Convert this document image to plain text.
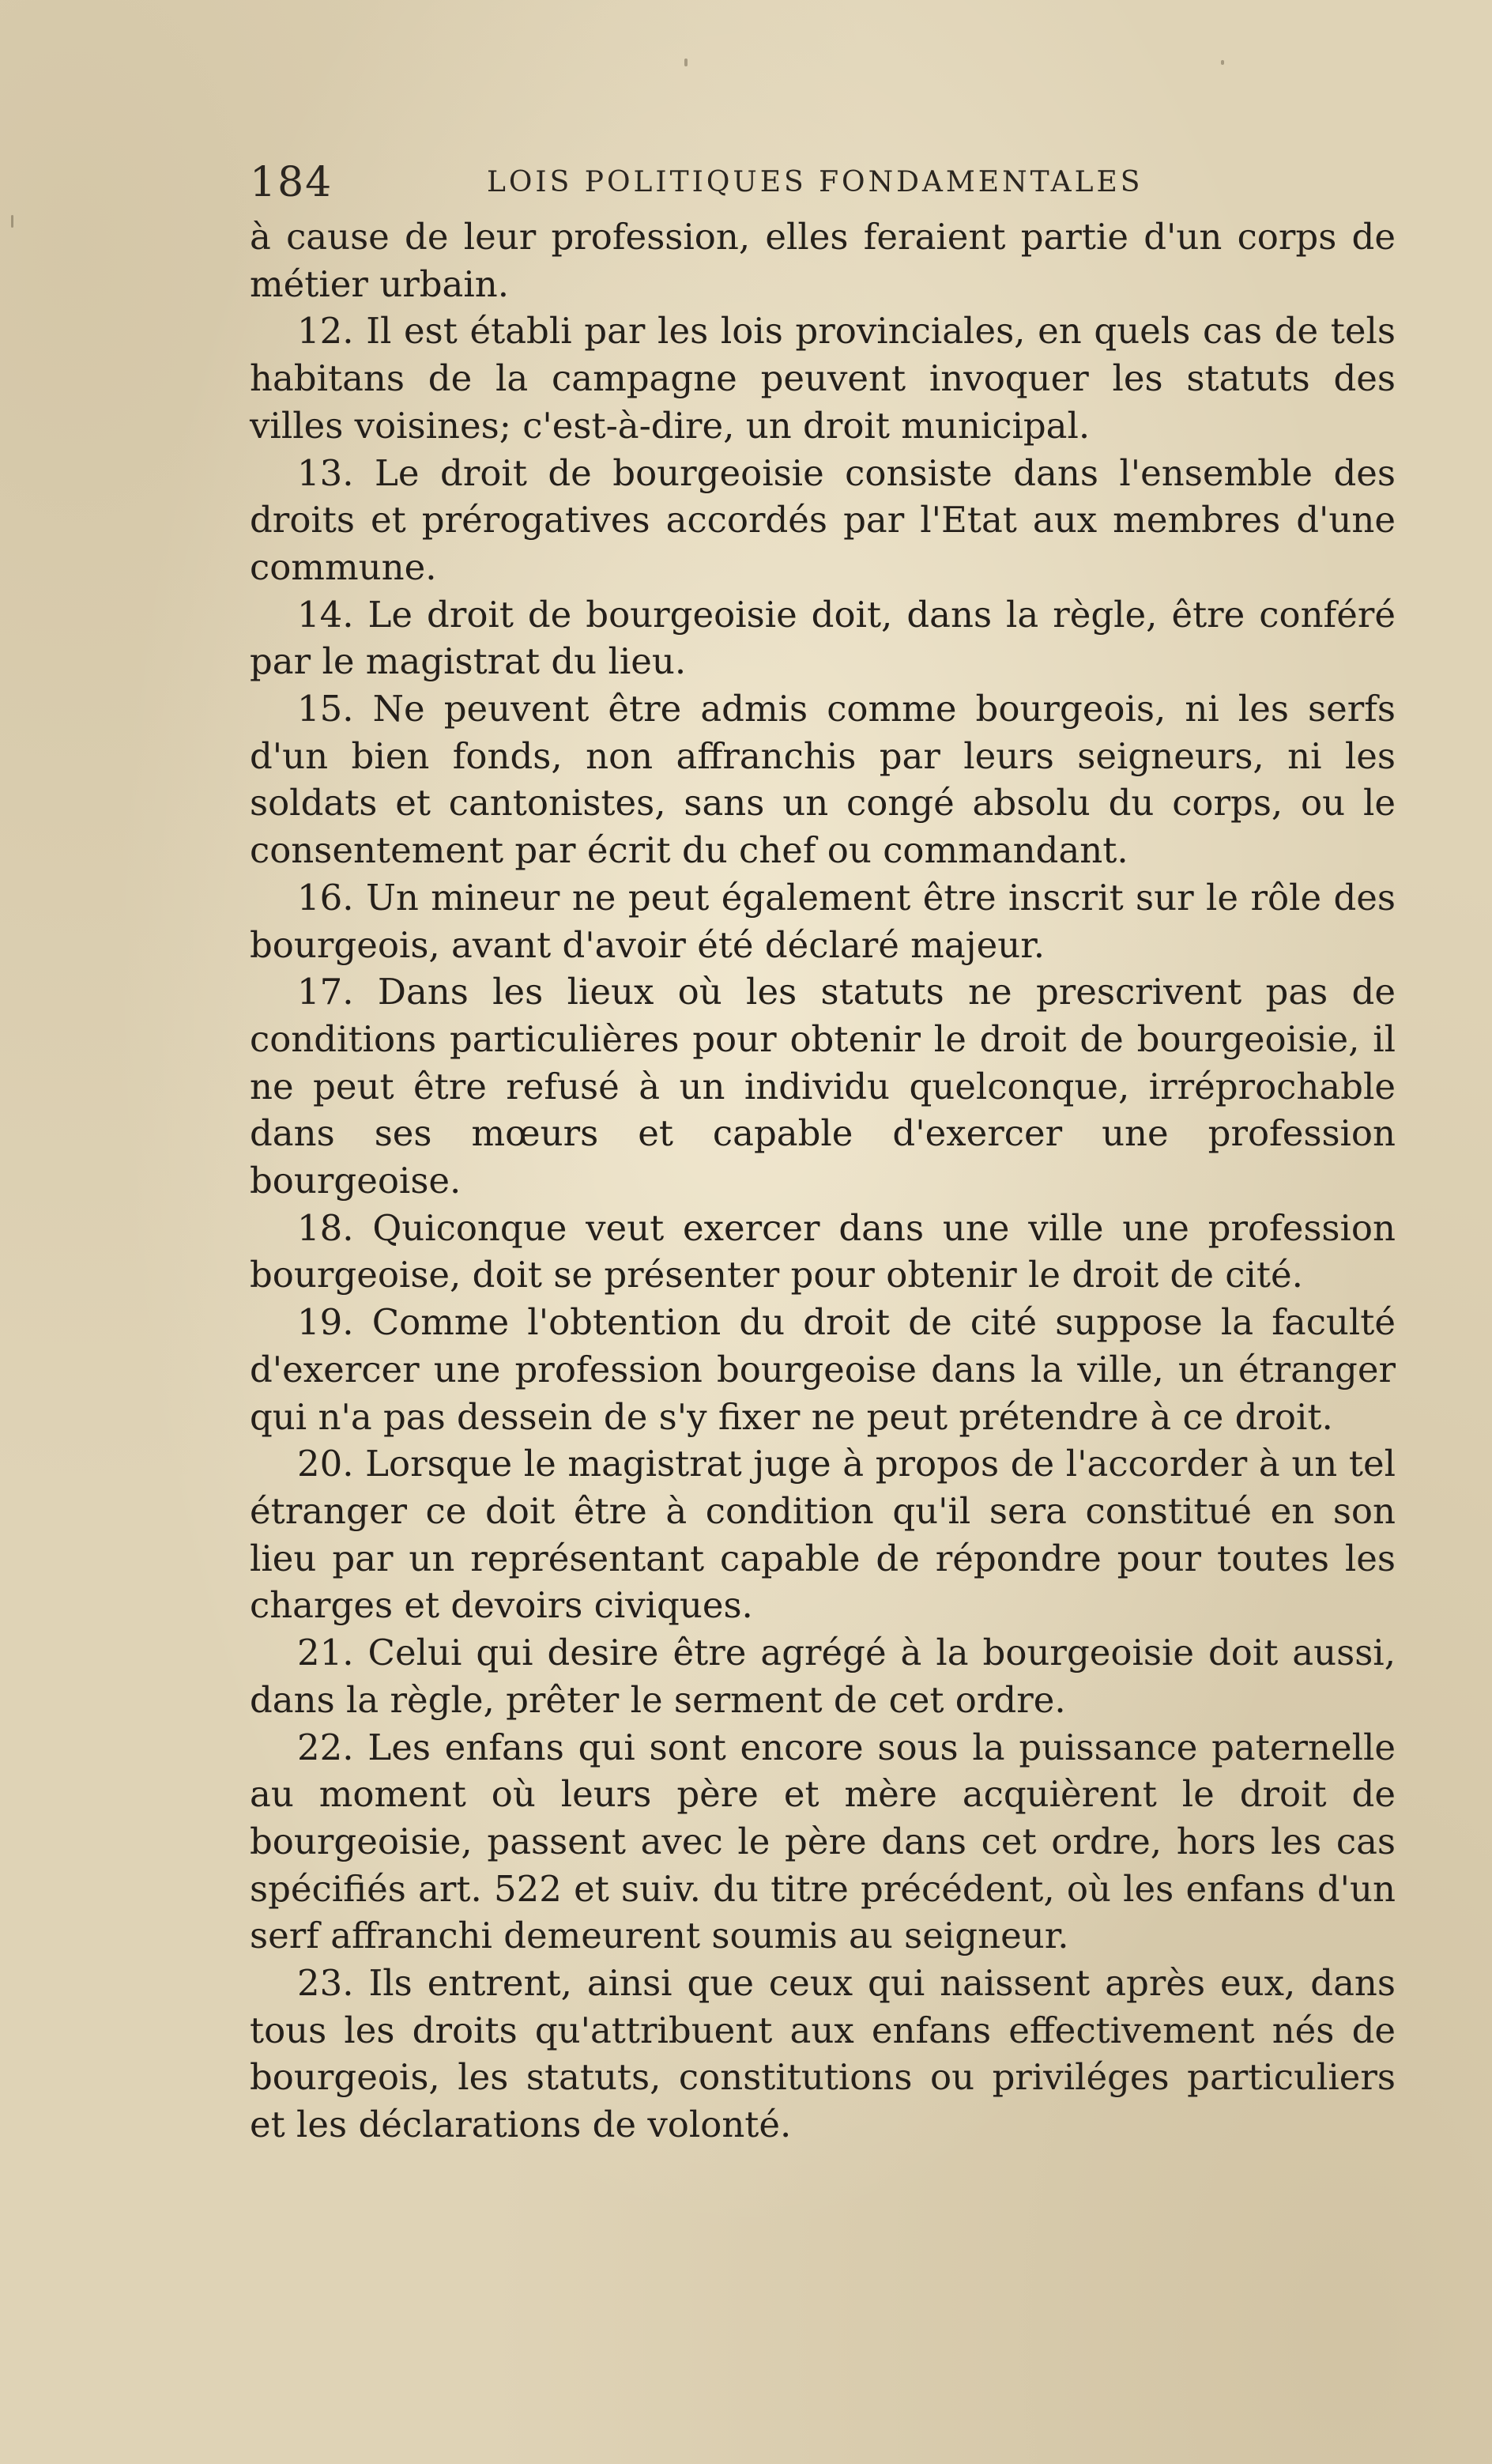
184	LOIS POLITIQUES FONDAMENTALES

à cause de leur profession, elles feraient partie d'un corps de métier urbain.

12. Il est établi par les lois provinciales, en quels cas de tels habitans de la campagne peuvent invoquer les statuts des villes voisines; c'est-à-dire, un droit municipal.

13. Le droit de bourgeoisie consiste dans l'ensemble des droits et prérogatives accordés par l'Etat aux membres d'une commune.

14. Le droit de bourgeoisie doit, dans la règle, être conféré par le magistrat du lieu.

15. Ne peuvent être admis comme bourgeois, ni les serfs d'un bien fonds, non affranchis par leurs seigneurs, ni les soldats et cantonistes, sans un congé absolu du corps, ou le consentement par écrit du chef ou commandant.

16. Un mineur ne peut également être inscrit sur le rôle des bourgeois, avant d'avoir été déclaré majeur.

17. Dans les lieux où les statuts ne prescrivent pas de conditions particulières pour obtenir le droit de bourgeoisie, il ne peut être refusé à un individu quelconque, irréprochable dans ses mœurs et capable d'exercer une profession bourgeoise.

18. Quiconque veut exercer dans une ville une profession bourgeoise, doit se présenter pour obtenir le droit de cité.

19. Comme l'obtention du droit de cité suppose la faculté d'exercer une profession bourgeoise dans la ville, un étranger qui n'a pas dessein de s'y fixer ne peut prétendre à ce droit.

20. Lorsque le magistrat juge à propos de l'accorder à un tel étranger ce doit être à condition qu'il sera constitué en son lieu par un représentant capable de répondre pour toutes les charges et devoirs civiques.

21. Celui qui desire être agrégé à la bourgeoisie doit aussi, dans la règle, prêter le serment de cet ordre.

22. Les enfans qui sont encore sous la puissance paternelle au moment où leurs père et mère acquièrent le droit de bourgeoisie, passent avec le père dans cet ordre, hors les cas spécifiés art. 522 et suiv. du titre précédent, où les enfans d'un serf affranchi demeurent soumis au seigneur.

23. Ils entrent, ainsi que ceux qui naissent après eux, dans tous les droits qu'attribuent aux enfans effectivement nés de bourgeois, les statuts, constitutions ou priviléges particuliers et les déclarations de volonté.
